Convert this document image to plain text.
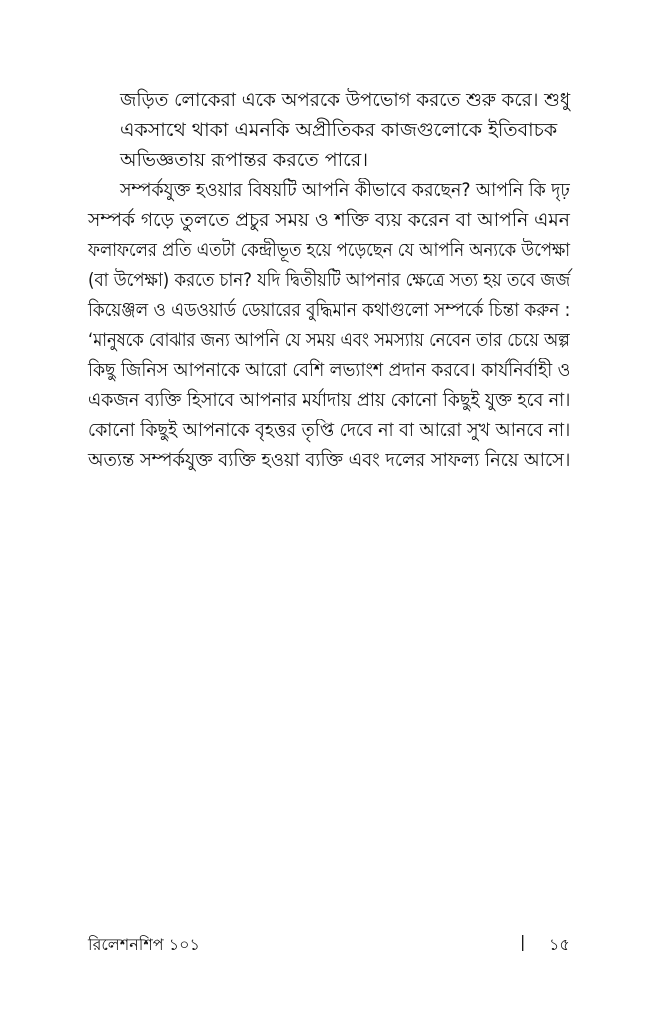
জড়িত লোকেরা একে অপরকে উপভোগ করতে শুরু করে। শুধু
একসাথে থাকা এমনকি অপ্রীতিকর কাজগুলোকে ইতিবাচক
অভিজ্ঞতায় রূপান্তর করতে পারে।
সম্পর্কযুক্ত হওয়ার বিষয়টি আপনি কীভাবে করছেন? আপনি কি দৃঢ়
সম্পর্ক গড়ে তুলতে প্রচুর সময় ও শক্তি ব্যয় করেন বা আপনি এমন
ফলাফলের প্রতি এতটা কেন্দ্রীভূত হয়ে পড়েছেন যে আপনি অন্যকে উপেক্ষা
(বা উপেক্ষা) করতে চান? যদি দ্বিতীয়টি আপনার ক্ষেত্রে সত্য হয় তবে জর্জ
কিয়েঞ্জল ও এডওয়ার্ড ডেয়ারের বুদ্ধিমান কথাগুলো সম্পর্কে চিন্তা করুন :
‘মানুষকে বোঝার জন্য আপনি যে সময় এবং সমস্যায় নেবেন তার চেয়ে অল্প
কিছু জিনিস আপনাকে আরো বেশি লভ্যাংশ প্রদান করবে। কার্যনির্বাহী ও
একজন ব্যক্তি হিসাবে আপনার মর্যাদায় প্রায় কোনো কিছুই যুক্ত হবে না।
কোনো কিছুই আপনাকে বৃহত্তর তৃপ্তি দেবে না বা আরো সুখ আনবে না।
অত্যন্ত সম্পর্কযুক্ত ব্যক্তি হওয়া ব্যক্তি এবং দলের সাফল্য নিয়ে আসে।
রিলেশনশিপ ১০১	| ১৫
